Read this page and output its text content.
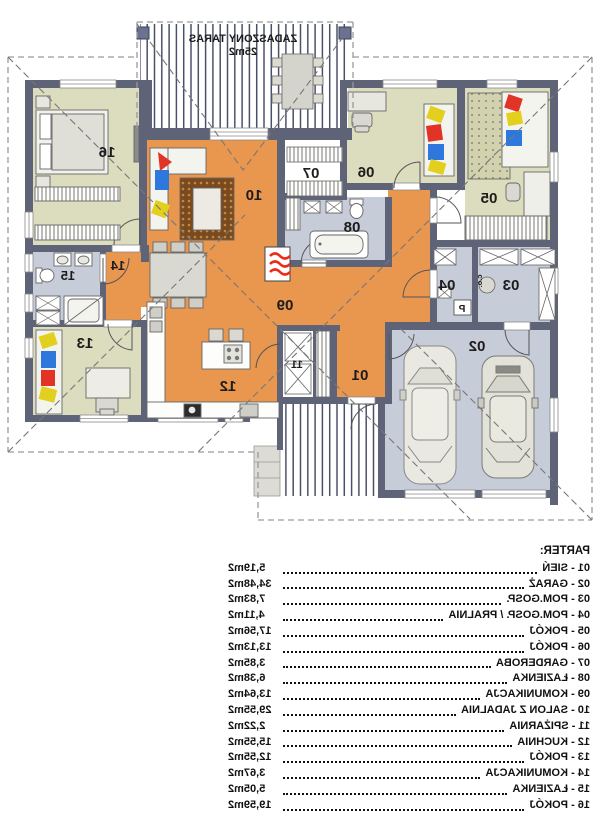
16
10
07	06
05
08
09
12
13
01
02
03
04
14
15
11
P
c.o.
ZADASZONY TARAS
25m2
PARTER:
01 - SIEŃ
5,19m2
02 - GARAŻ
34,48m2
03 - POM.GOSP.
7,83m2
04 - POM.GOSP. / PRALNIA
4,11m2
05 - POKÓJ
17,56m2
06 - POKÓJ
13,13m2
07 - GARDEROBA
3,85m2
08 - ŁAZIENKA
6,38m2
09 - KOMUNIKACJA
13,64m2
10 - SALON Z JADALNIA
29,55m2
11 - SPIŻARNIA
2,22m2
12 - KUCHNIA
15,55m2
13 - POKÓJ
12,55m2
14 - KOMUNIKACJA
3,67m2
15 - ŁAZIENKA
5,05m2
16 - POKÓJ
19,59m2
